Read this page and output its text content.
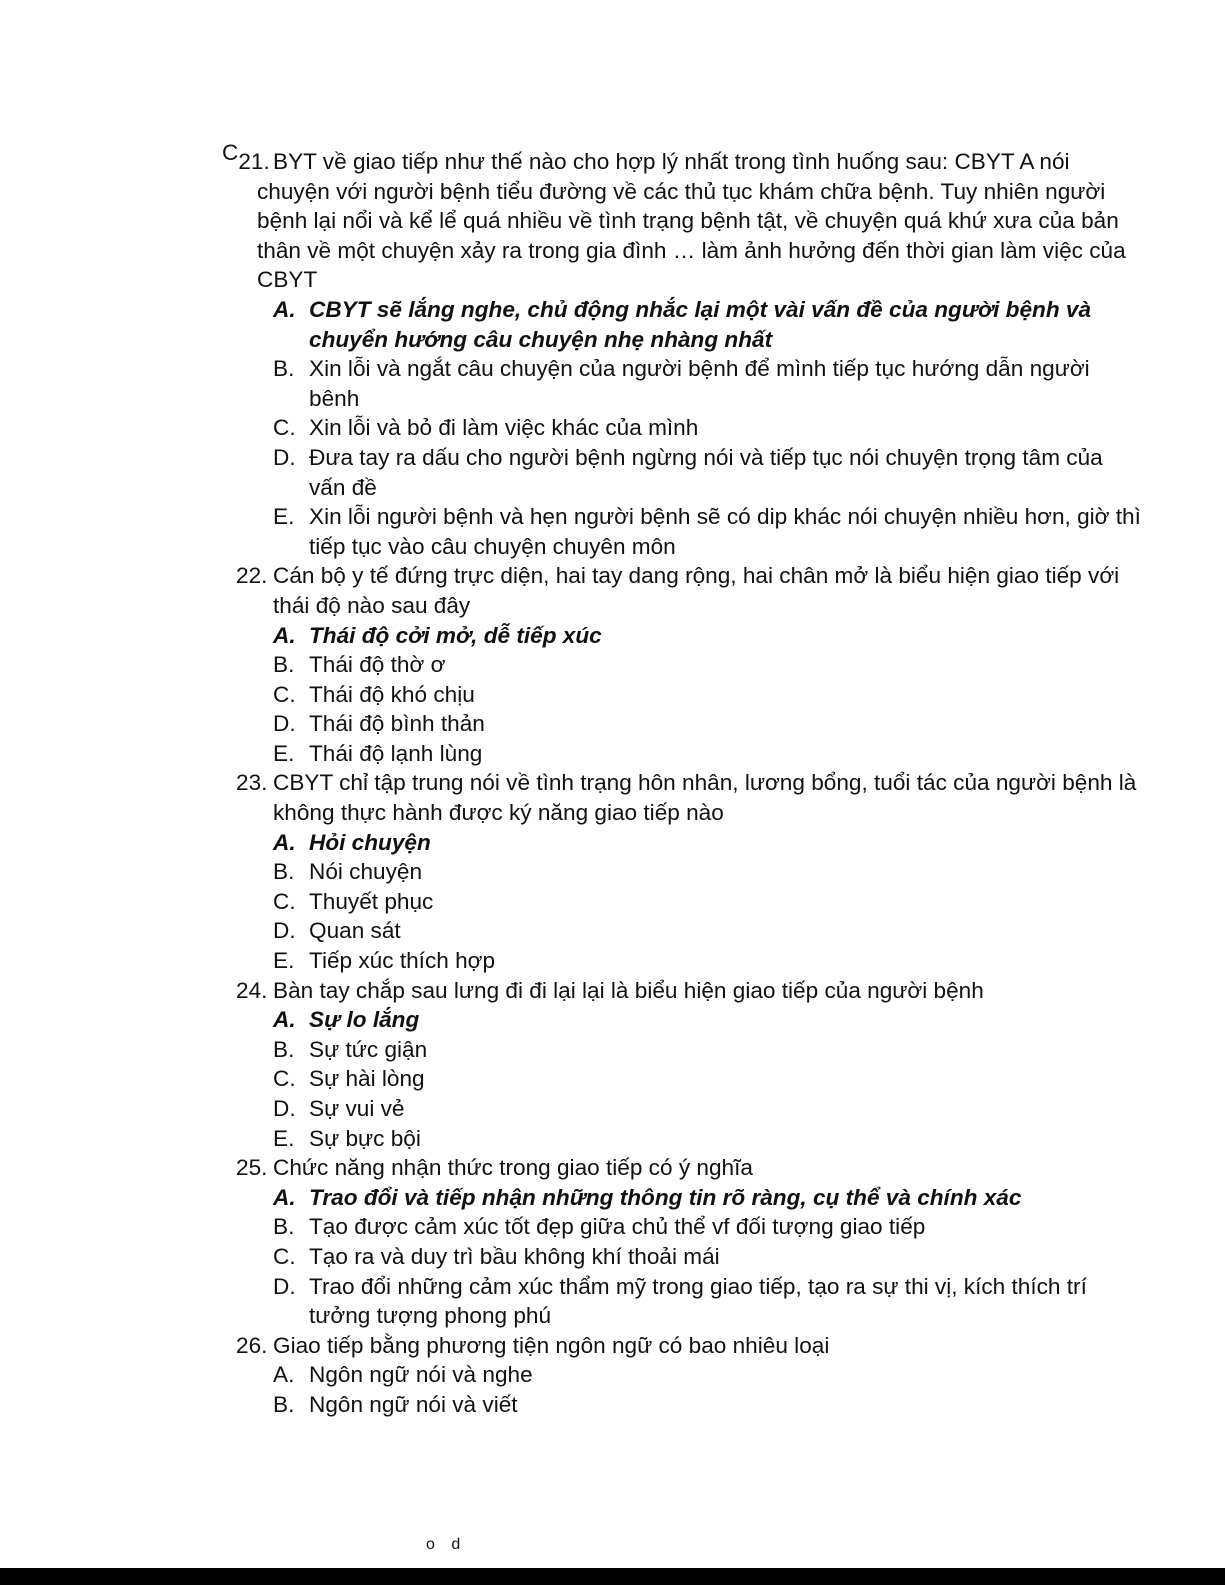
C21. BYT về giao tiếp như thế nào cho hợp lý nhất trong tình huống sau: CBYT A nói chuyện với người bệnh tiểu đường về các thủ tục khám chữa bệnh. Tuy nhiên người bệnh lại nổi và kể lể quá nhiều về tình trạng bệnh tật, về chuyện quá khứ xưa của bản thân về một chuyện xảy ra trong gia đình … làm ảnh hưởng đến thời gian làm việc của CBYT
A. CBYT sẽ lắng nghe, chủ động nhắc lại một vài vấn đề của người bệnh và chuyển hướng câu chuyện nhẹ nhàng nhất
B. Xin lỗi và ngắt câu chuyện của người bệnh để mình tiếp tục hướng dẫn người bênh
C. Xin lỗi và bỏ đi làm việc khác của mình
D. Đưa tay ra dấu cho người bệnh ngừng nói và tiếp tục nói chuyện trọng tâm của vấn đề
E. Xin lỗi người bệnh và hẹn người bệnh sẽ có dip khác nói chuyện nhiều hơn, giờ thì tiếp tục vào câu chuyện chuyên môn
22. Cán bộ y tế đứng trực diện, hai tay dang rộng, hai chân mở là biểu hiện giao tiếp với thái độ nào sau đây
A. Thái độ cởi mở, dễ tiếp xúc
B. Thái độ thờ ơ
C. Thái độ khó chịu
D. Thái độ bình thản
E. Thái độ lạnh lùng
23. CBYT chỉ tập trung nói về tình trạng hôn nhân, lương bổng, tuổi tác của người bệnh là không thực hành được ký năng giao tiếp nào
A. Hỏi chuyện
B. Nói chuyện
C. Thuyết phục
D. Quan sát
E. Tiếp xúc thích hợp
24. Bàn tay chắp sau lưng đi đi lại lại là biểu hiện giao tiếp của người bệnh
A. Sự lo lắng
B. Sự tức giận
C. Sự hài lòng
D. Sự vui vẻ
E. Sự bực bội
25. Chức năng nhận thức trong giao tiếp có ý nghĩa
A. Trao đổi và tiếp nhận những thông tin rõ ràng, cụ thể và chính xác
B. Tạo được cảm xúc tốt đẹp giữa chủ thể vf đối tượng giao tiếp
C. Tạo ra và duy trì bầu không khí thoải mái
D. Trao đổi những cảm xúc thẩm mỹ trong giao tiếp, tạo ra sự thi vị, kích thích trí tưởng tượng phong phú
26. Giao tiếp bằng phương tiện ngôn ngữ có bao nhiêu loại
A. Ngôn ngữ nói và nghe
B. Ngôn ngữ nói và viết
o d
